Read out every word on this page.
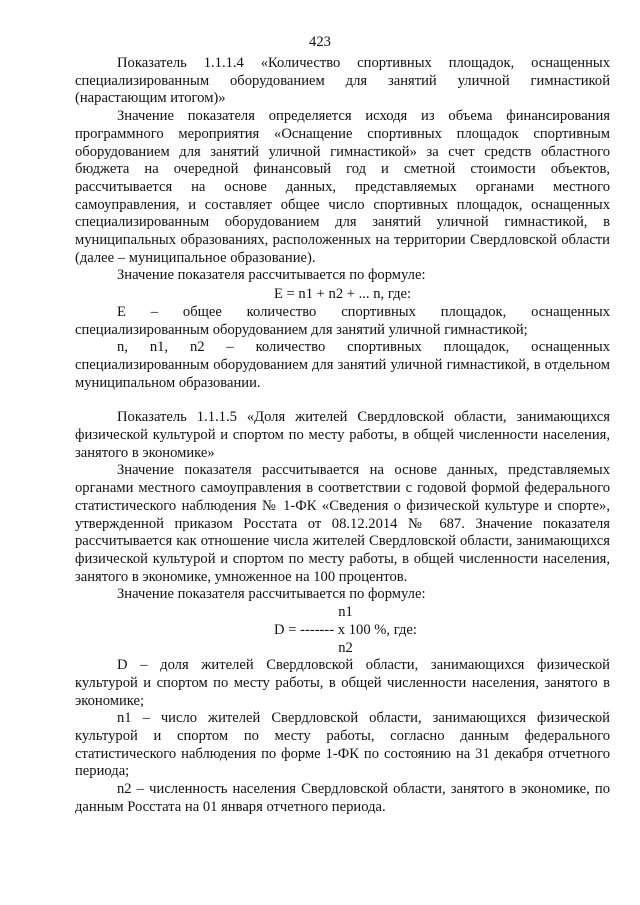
423

Показатель 1.1.1.4 «Количество спортивных площадок, оснащенных специализированным оборудованием для занятий уличной гимнастикой (нарастающим итогом)»

Значение показателя определяется исходя из объема финансирования программного мероприятия «Оснащение спортивных площадок спортивным оборудованием для занятий уличной гимнастикой» за счет средств областного бюджета на очередной финансовый год и сметной стоимости объектов, рассчитывается на основе данных, представляемых органами местного самоуправления, и составляет общее число спортивных площадок, оснащенных специализированным оборудованием для занятий уличной гимнастикой, в муниципальных образованиях, расположенных на территории Свердловской области (далее – муниципальное образование).

Значение показателя рассчитывается по формуле:

E = n1 + n2 + ... n, где:

E – общее количество спортивных площадок, оснащенных специализированным оборудованием для занятий уличной гимнастикой;

n, n1, n2 – количество спортивных площадок, оснащенных специализированным оборудованием для занятий уличной гимнастикой, в отдельном муниципальном образовании.

Показатель 1.1.1.5 «Доля жителей Свердловской области, занимающихся физической культурой и спортом по месту работы, в общей численности населения, занятого в экономике»

Значение показателя рассчитывается на основе данных, представляемых органами местного самоуправления в соответствии с годовой формой федерального статистического наблюдения № 1-ФК «Сведения о физической культуре и спорте», утвержденной приказом Росстата от 08.12.2014 № 687. Значение показателя рассчитывается как отношение числа жителей Свердловской области, занимающихся физической культурой и спортом по месту работы, в общей численности населения, занятого в экономике, умноженное на 100 процентов.

Значение показателя рассчитывается по формуле:

n1

D = ------- x 100 %, где:

n2

D – доля жителей Свердловской области, занимающихся физической культурой и спортом по месту работы, в общей численности населения, занятого в экономике;

n1 – число жителей Свердловской области, занимающихся физической культурой и спортом по месту работы, согласно данным федерального статистического наблюдения по форме 1-ФК по состоянию на 31 декабря отчетного периода;

n2 – численность населения Свердловской области, занятого в экономике, по данным Росстата на 01 января отчетного периода.
